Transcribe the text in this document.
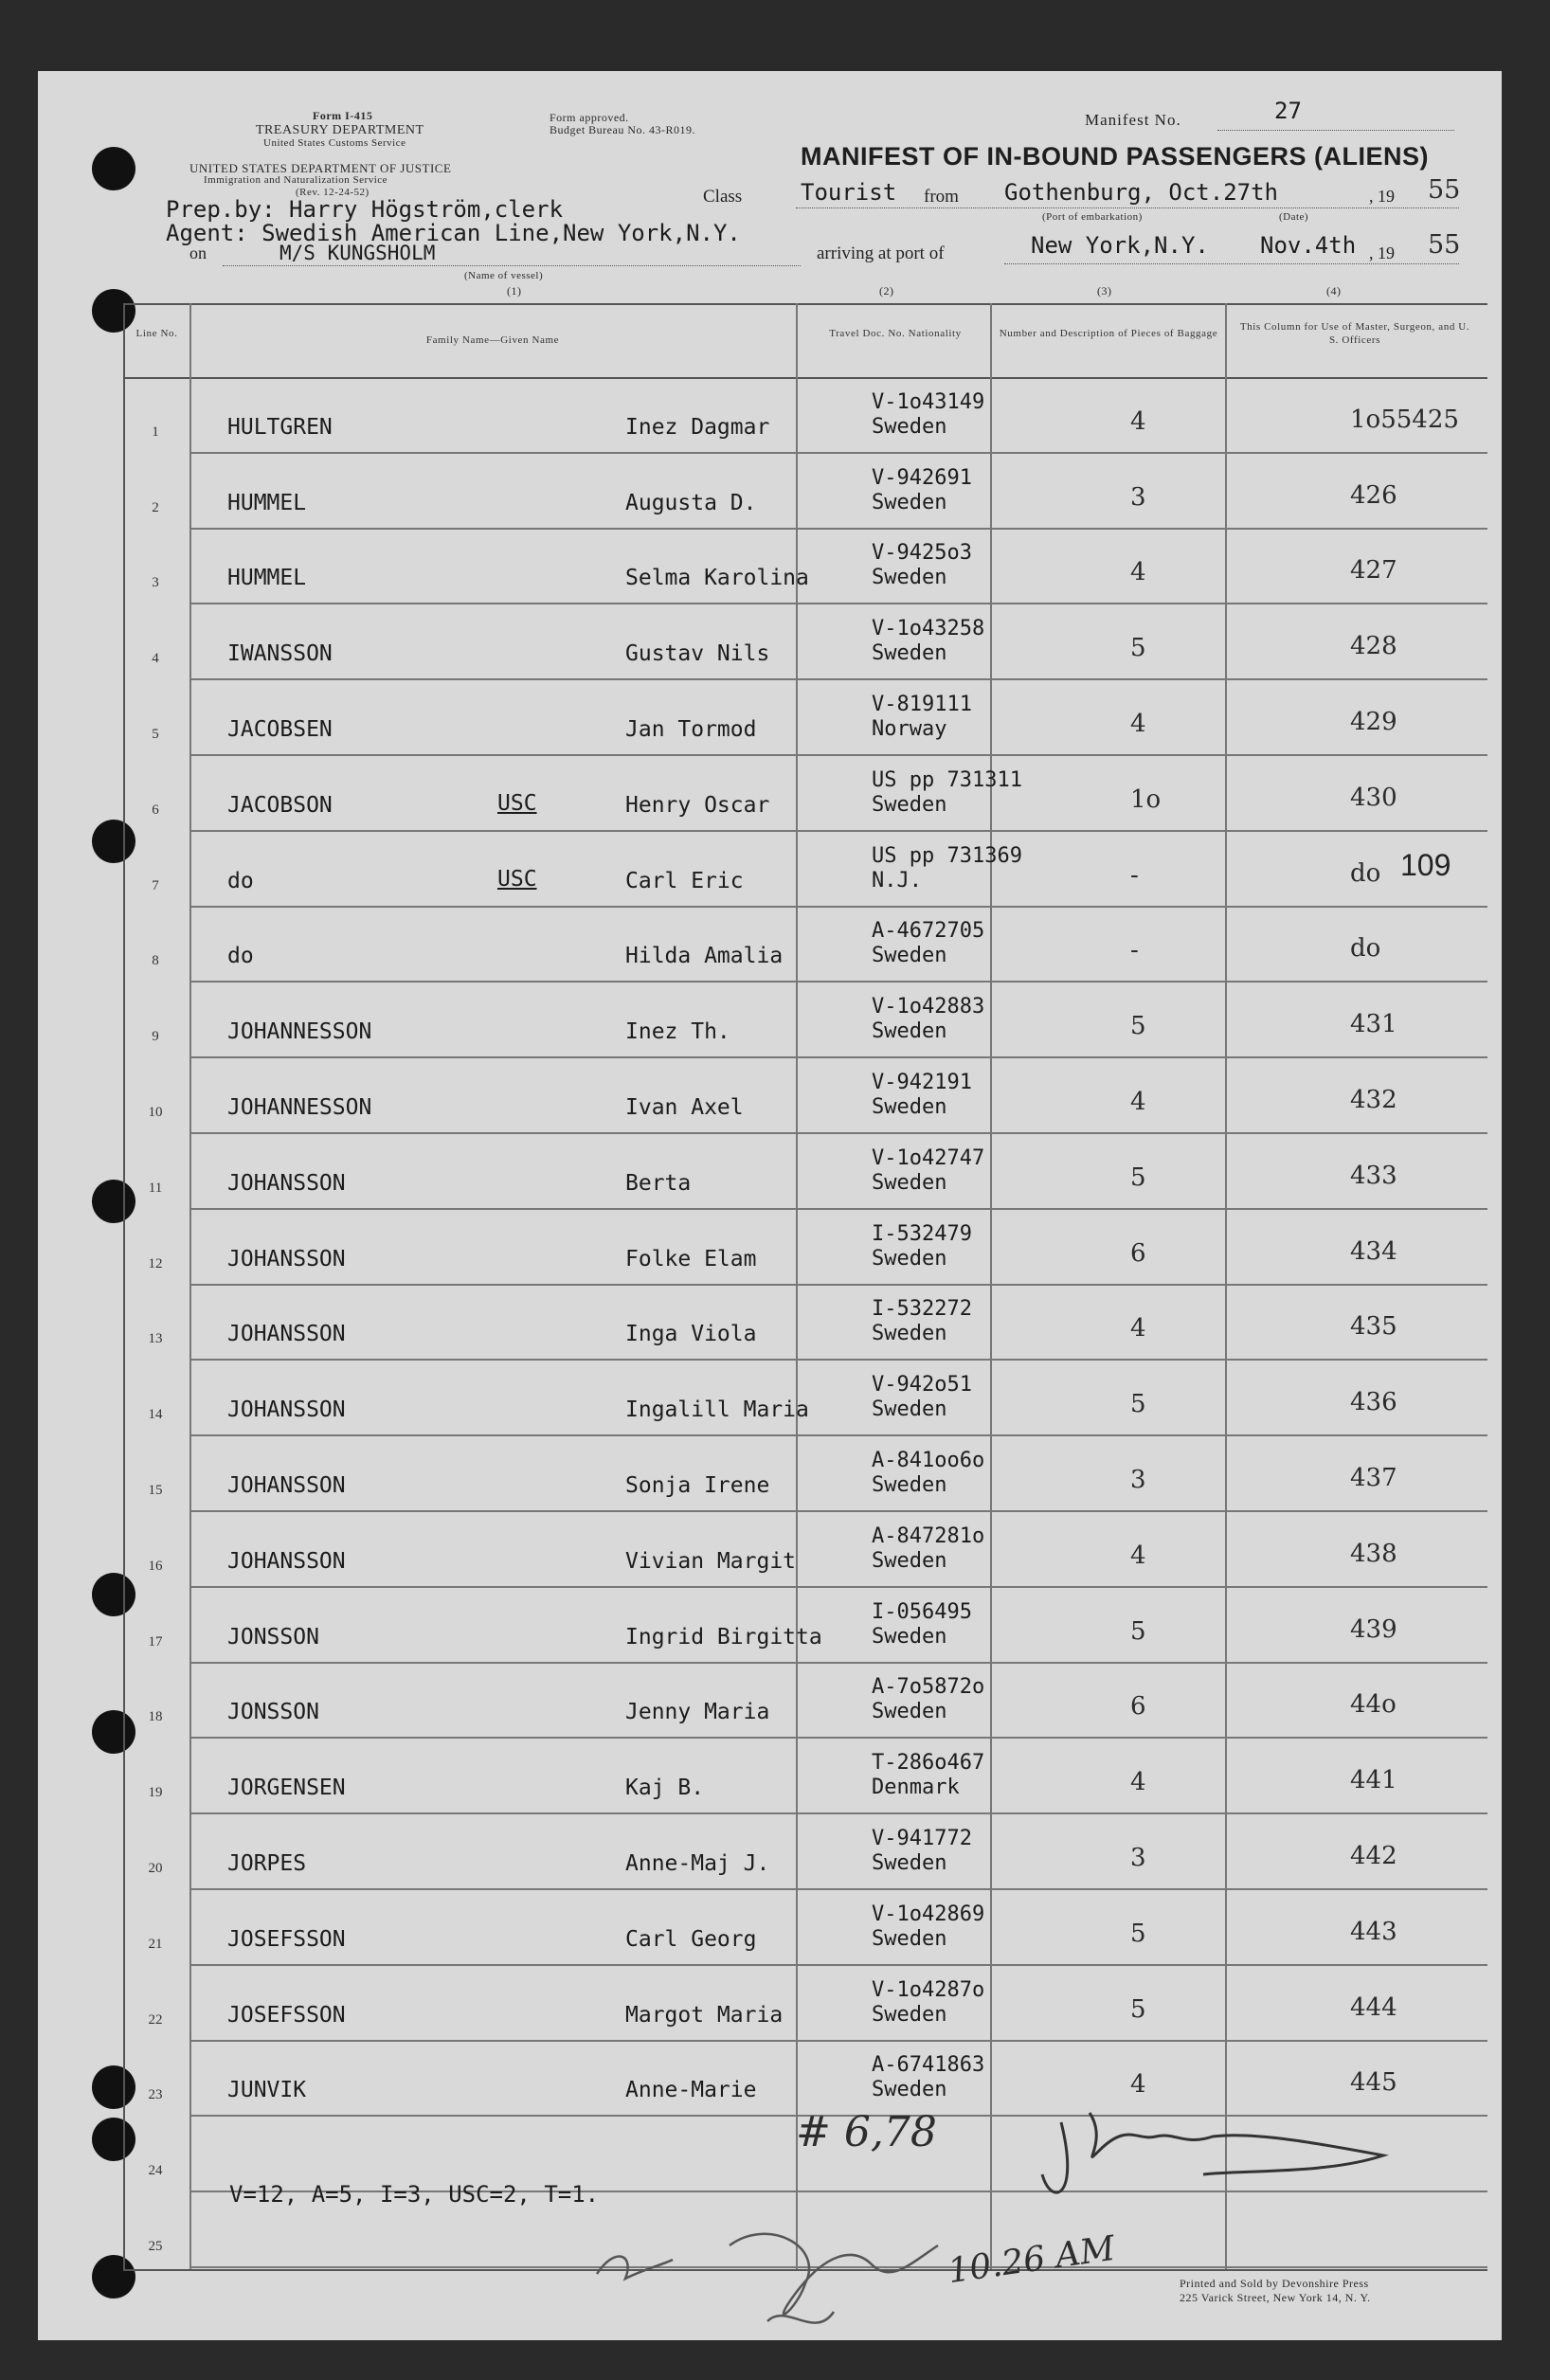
Form I-415
TREASURY DEPARTMENT
United States Customs Service
Form approved.
Budget Bureau No. 43-R019.
UNITED STATES DEPARTMENT OF JUSTICE
Immigration and Naturalization Service
(Rev. 12-24-52)
Manifest No.	27
MANIFEST OF IN-BOUND PASSENGERS (ALIENS)
Class	Tourist from Gothenburg, Oct.27th	, 19 55
(Port of embarkation)	(Date)
Prep.by: Harry Högström,clerk
Agent: Swedish American Line,New York,N.Y.
on	M/S KUNGSHOLM
(Name of vessel)
arriving at port of	New York,N.Y. Nov.4th , 19 55
(1)	(2)	(3)	(4)
Line No.
Family Name—Given Name
Travel Doc. No. Nationality	Number and Description of Pieces of Baggage
This Column for Use of Master, Surgeon, and U. S. Officers
1	HULTGREN	Inez Dagmar
V-1o43149
Sweden	4	1o55425
2	HUMMEL	Augusta D.
V-942691
Sweden	3	426
3	HUMMEL	Selma Karolina
V-9425o3
Sweden	4	427
4	IWANSSON	Gustav Nils
V-1o43258
Sweden	5	428
5	JACOBSEN	Jan Tormod
V-819111
Norway	4	429
6	JACOBSON	USC	Henry Oscar
US pp 731311
Sweden	1o	430
7	do	USC	Carl Eric
US pp 731369
N.J.	-	do
8	do	Hilda Amalia
A-4672705
Sweden	-	do
9	JOHANNESSON	Inez Th.
V-1o42883
Sweden	5	431
10	JOHANNESSON	Ivan Axel
V-942191
Sweden	4	432
11	JOHANSSON	Berta
V-1o42747
Sweden	5	433
12	JOHANSSON	Folke Elam
I-532479
Sweden	6	434
13	JOHANSSON	Inga Viola
I-532272
Sweden	4	435
14	JOHANSSON	Ingalill Maria
V-942o51
Sweden	5	436
15	JOHANSSON	Sonja Irene
A-841oo6o
Sweden	3	437
16	JOHANSSON	Vivian Margit
A-847281o
Sweden	4	438
17	JONSSON	Ingrid Birgitta
I-056495
Sweden	5	439
18	JONSSON	Jenny Maria
A-7o5872o
Sweden	6	44o
19	JORGENSEN	Kaj B.
T-286o467
Denmark	4	441
20	JORPES	Anne-Maj J.
V-941772
Sweden	3	442
21	JOSEFSSON	Carl Georg
V-1o42869
Sweden	5	443
22	JOSEFSSON	Margot Maria
V-1o4287o
Sweden	5	444
23	JUNVIK	Anne-Marie
A-6741863
Sweden	4	445
24
25
V=12, A=5, I=3, USC=2, T=1.
109
# 6,78
10.26 AM	Printed and Sold by Devonshire Press
225 Varick Street, New York 14, N. Y.
